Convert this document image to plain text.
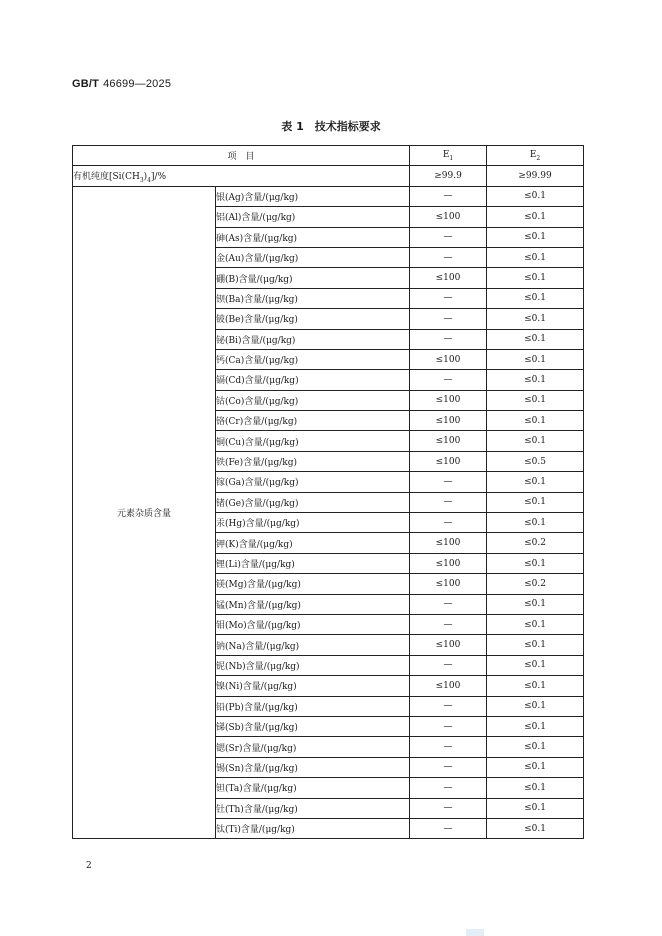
GB/T 46699—2025
表 1　技术指标要求
项　目		$E_1$	$E_2$
有机纯度$[Si(CH_3)_4]/\%$		≥99.9	≥99.99
元素杂质含量	银(Ag)含量/(μg/kg)	—	≤0.1
	铝(Al)含量/(μg/kg)	≤100	≤0.1
	砷(As)含量/(μg/kg)	—	≤0.1
	金(Au)含量/(μg/kg)	—	≤0.1
	硼(B)含量/(μg/kg)	≤100	≤0.1
	钡(Ba)含量/(μg/kg)	—	≤0.1
	铍(Be)含量/(μg/kg)	—	≤0.1
	铋(Bi)含量/(μg/kg)	—	≤0.1
	钙(Ca)含量/(μg/kg)	≤100	≤0.1
	镉(Cd)含量/(μg/kg)	—	≤0.1
	钴(Co)含量/(μg/kg)	≤100	≤0.1
	铬(Cr)含量/(μg/kg)	≤100	≤0.1
	铜(Cu)含量/(μg/kg)	≤100	≤0.1
	铁(Fe)含量/(μg/kg)	≤100	≤0.5
	镓(Ga)含量/(μg/kg)	—	≤0.1
	锗(Ge)含量/(μg/kg)	—	≤0.1
	汞(Hg)含量/(μg/kg)	—	≤0.1
	钾(K)含量/(μg/kg)	≤100	≤0.2
	锂(Li)含量/(μg/kg)	≤100	≤0.1
	镁(Mg)含量/(μg/kg)	≤100	≤0.2
	锰(Mn)含量/(μg/kg)	—	≤0.1
	钼(Mo)含量/(μg/kg)	—	≤0.1
	钠(Na)含量/(μg/kg)	≤100	≤0.1
	铌(Nb)含量/(μg/kg)	—	≤0.1
	镍(Ni)含量/(μg/kg)	≤100	≤0.1
	铅(Pb)含量/(μg/kg)	—	≤0.1
	锑(Sb)含量/(μg/kg)	—	≤0.1
	锶(Sr)含量/(μg/kg)	—	≤0.1
	锡(Sn)含量/(μg/kg)	—	≤0.1
	钽(Ta)含量/(μg/kg)	—	≤0.1
	钍(Th)含量/(μg/kg)	—	≤0.1
	钛(Ti)含量/(μg/kg)	—	≤0.1
2
